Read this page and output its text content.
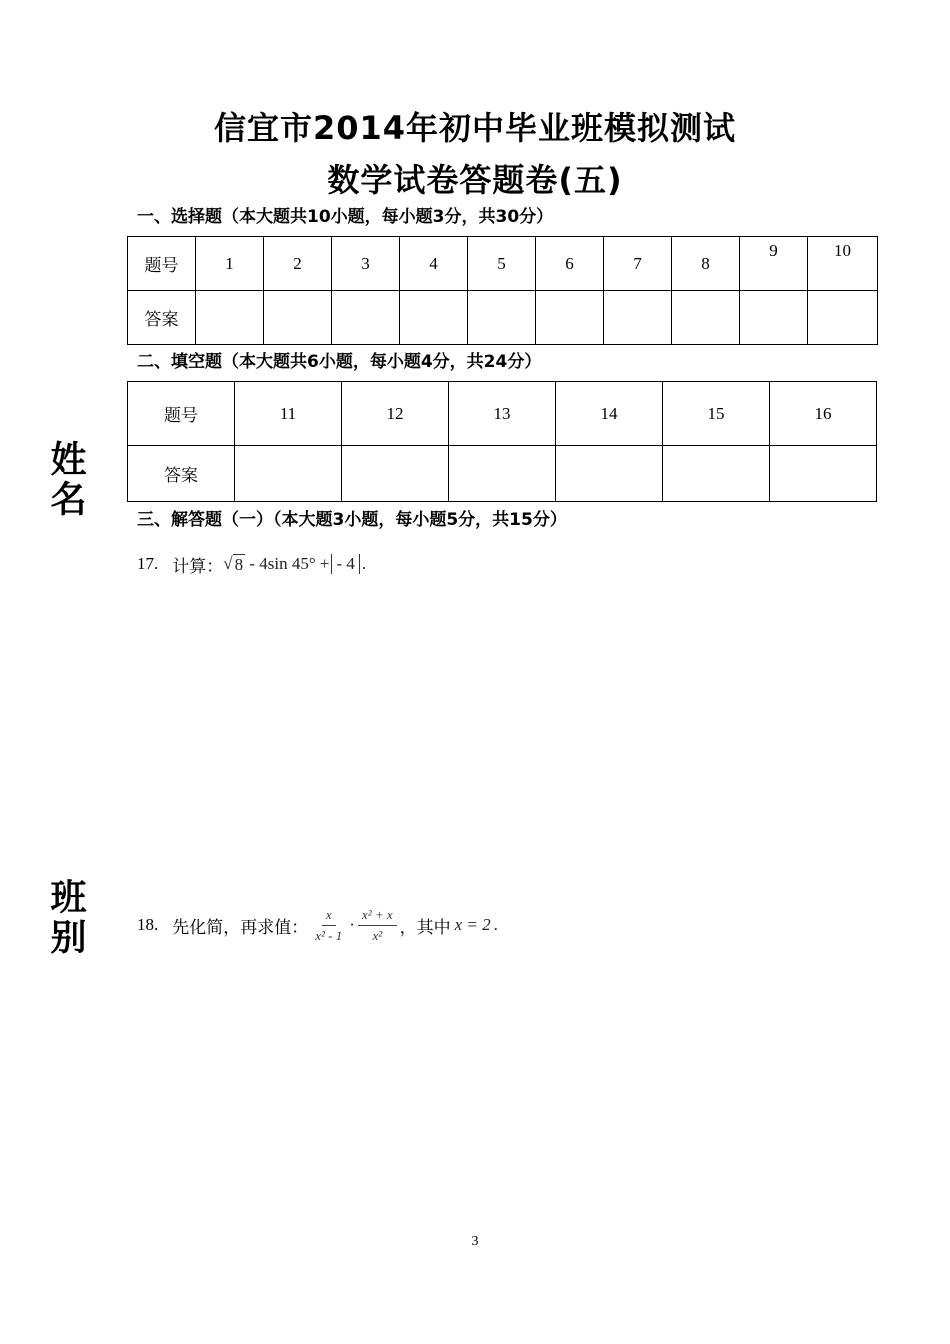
信宜市2014年初中毕业班模拟测试
数学试卷答题卷(五)
一、选择题（本大题共10小题，每小题3分，共30分）
题号	1	2	3	4	5	6	7	8	9	10
答案										
二、填空题（本大题共6小题，每小题4分，共24分）
题号	11	12	13	14	15	16
答案						
姓名
班别
三、解答题（一）（本大题3小题，每小题5分，共15分）
17. 计算： √ 8 - 4sin 45° + - 4 .
18. 先化简，再求值： $\frac{x}{\text{x² - 1}} \cdot \frac{\text{x² + x}}{\text{x²}}$ ，其中 x = 2 .
3
